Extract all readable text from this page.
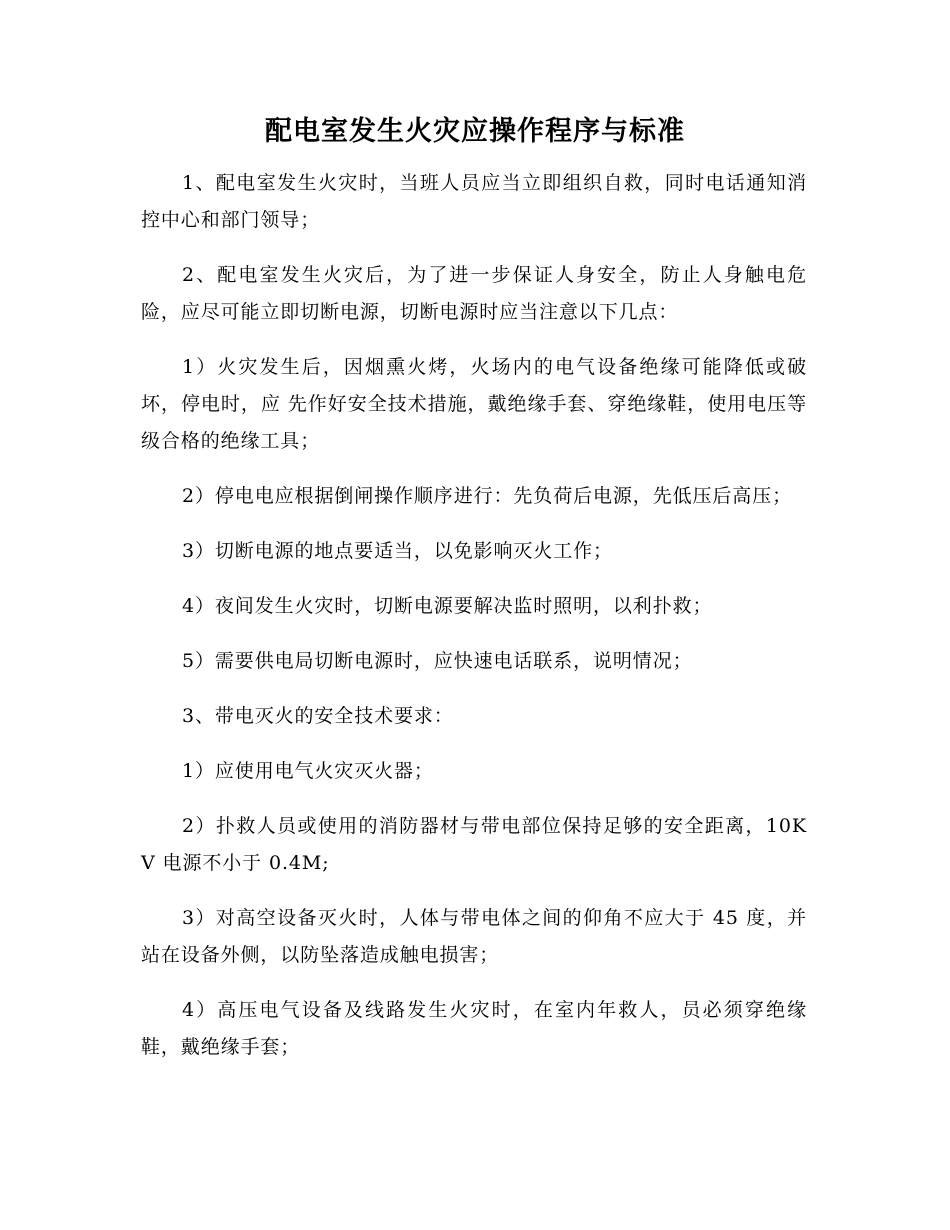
配电室发生火灾应操作程序与标准

1、配电室发生火灾时，当班人员应当立即组织自救，同时电话通知消控中心和部门领导；

2、配电室发生火灾后，为了进一步保证人身安全，防止人身触电危险，应尽可能立即切断电源，切断电源时应当注意以下几点：

1）火灾发生后，因烟熏火烤，火场内的电气设备绝缘可能降低或破坏，停电时，应 先作好安全技术措施，戴绝缘手套、穿绝缘鞋，使用电压等级合格的绝缘工具；

2）停电电应根据倒闸操作顺序进行：先负荷后电源，先低压后高压；

3）切断电源的地点要适当，以免影响灭火工作；

4）夜间发生火灾时，切断电源要解决监时照明，以利扑救；

5）需要供电局切断电源时，应快速电话联系，说明情况；

3、带电灭火的安全技术要求：

1）应使用电气火灾灭火器；

2）扑救人员或使用的消防器材与带电部位保持足够的安全距离，10KV 电源不小于 0.4M;

3）对高空设备灭火时，人体与带电体之间的仰角不应大于 45 度，并站在设备外侧，以防坠落造成触电损害；

4）高压电气设备及线路发生火灾时，在室内年救人，员必须穿绝缘鞋，戴绝缘手套；
